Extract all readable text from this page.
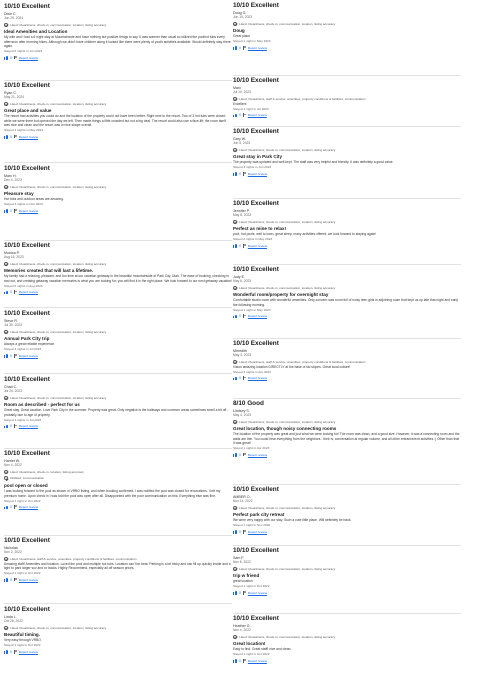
10/10 Excellent
Dixie C.
Jun 29, 2024
Liked: Cleanliness, check-in, communication, location, listing accuracy
Ideal Amenities and Location
My wife and I had a 6 night stay at Mountainside and have nothing but positive things to say. It was warmer than usual so utilized the poolhot tubs every afternoon after morning hikes. Although we didn't have children along it looked like there were plenty of youth activities available. Would definitely stay there again.
Stayed 6 nights in Jun 2024
0 Report review
10/10 Excellent
Ryan C.
May 21, 2024
Liked: Cleanliness, check-in, communication, location, listing accuracy
Great place and value
The resort had activities you could do and the location of the property could not have been better. Right next to the resort. Two of 3 hot tubs were closed while we were there but opened the day we left. Then made things a little crowded but not a big deal. The resort could also use a face-lift; the room itself was nice and clean and the resort was in nice shape overall.
Stayed 4 nights in May 2024
0 Report review
10/10 Excellent
Marc H.
Dec 4, 2023
Liked: Cleanliness, check-in, communication, location, listing accuracy
Pleasure stay
Hot tubs and outdoor areas are amazing.
Stayed 3 nights in Nov 2023
0 Report review
10/10 Excellent
Monica P.
Aug 16, 2023
Liked: Cleanliness, check-in, communication, location, listing accuracy
Memories created that will last a lifetime.
My family had a relaxing, pleasant, and fun time at our vacation getaway in the beautiful mountainside of Park City, Utah. The ease of booking, checking in and out, and creating getaway vacation memories is what you are looking for; you will find it in the right place. We look forward to our next getaway vacation!
Stayed 5 nights in Aug 2023
0 Report review
10/10 Excellent
Steve R.
Jul 30, 2023
Liked: Cleanliness, check-in, communication, location, listing accuracy
Annual Park City trip
Always a great reliable experience
Stayed 4 nights in Jul 2023
0 Report review
10/10 Excellent
Chad C.
Jul 24, 2023
Liked: Cleanliness, check-in, communication, location, listing accuracy
Room as described - perfect for us
Great stay. Great location. Love Park City in the summer. Property was great. Only negative is the hallways and common areas sometimes smell a bit off - probably due to age of property.
Stayed 4 nights in Jul 2023
0 Report review
10/10 Excellent
Harriet W.
Nov 4, 2022
Liked: Cleanliness, check-in, location, listing accuracy
Disliked: Communication
pool open or closed
I was looking forward to the pool as shown in VRBO listing, and when booking confirmed, I was notified the pool was closed for renovations. I left my premium home. Upon check in I was told the pool was open after all. Disappointed with the poor communication on this. Everything else was fine.
Stayed 1 night in Oct 2022
0 Report review
10/10 Excellent
Nicholas
Nov 2, 2022
Liked: Cleanliness, staff & service, amenities, property conditions & facilities, communication
Amazing staff! Amenities and location. Loved the pool and multiple hot tubs. Location can't be beat. Parking is a bit tricky and can fill up quickly inside and a tight to park larger suv and or trucks. Highly Recommend, especially all off season prices.
Stayed 1 night in Oct 2022
0 Report review
10/10 Excellent
Linda L.
Oct 26, 2022
Liked: Cleanliness, check-in, communication, location, listing accuracy
Beautiful timing.
Very easy through VRBO.
Stayed 1 night in Oct 2022
0 Report review
10/10 Excellent
Doug G.
Jun 10, 2023
Liked: Cleanliness, check-in, communication, location, listing accuracy
Doug
Great place
Stayed 1 night in May 2023
0 Report review
10/10 Excellent
Marc
Jul 10, 2023
Liked: Cleanliness, staff & service, amenities, property conditions & facilities, communication
Excellent
Stayed 1 night in Jul 2023
0 Report review
10/10 Excellent
Gary W.
Jun 5, 2023
Liked: Cleanliness, check-in, communication, location, listing accuracy
Great stay in Park City
The property was updated and well-kept. The staff was very helpful and friendly. It was definitely a good value.
Stayed 3 nights in Jun 2023
0 Report review
10/10 Excellent
Jennifer P.
May 8, 2023
Liked: Cleanliness, check-in, communication, location, listing accuracy
Perfect as mine to relax!
pool, hot pools, well to town, great sleep, many activities offered; we look forward to staying again!
Stayed 2 nights in May 2023
0 Report review
10/10 Excellent
Judy E.
May 6, 2023
Liked: Cleanliness, check-in, communication, location, listing accuracy
Wonderful room/property for overnight stay
Comfortable studio room with wonderful amenities. Only concern was room full of noisy teen girls in adjoining room that kept us up late that night and early the following morning.
Stayed 1 night in May 2023
0 Report review
10/10 Excellent
Meredith
May 3, 2023
Liked: Cleanliness, staff & service, amenities, property conditions & facilities, communication
Vision amazing location DIRECTLY at the base of ski slopes. Great local culture!
Stayed 3 nights in Apr 2023
0 Report review
8/10 Good
Lindsey S.
May 4, 2023
Liked: Cleanliness, check-in, communication, location, listing accuracy
Great location, though noisy connecting rooms
The location of the property was great and just what we were looking for! The room was clean, and a good size. However, it was a connecting room and the walls are thin. You could hear everything from the neighbors - their tv, conversation at regular volume, and all other entrance/exit activities :( Other than that it was great!
Stayed 1 night in Apr 2023
0 Report review
10/10 Excellent
AMBER O.
Nov 14, 2022
Liked: Cleanliness, check-in, communication, location, listing accuracy
Perfect park city retreat
We were very happy with our stay. Such a cute little place. Will definitely be back.
Stayed 1 night in Nov 2022
0 Report review
10/10 Excellent
Sam F.
Nov 8, 2022
Liked: Cleanliness, check-in, communication, location, listing accuracy
trip w friend
great location
Stayed 1 night in Oct 2022
0 Report review
10/10 Excellent
Heather G.
Nov 4, 2022
Liked: Cleanliness, check-in, communication, location, listing accuracy
Great location!
Easy to find. Great staff! nice and clean.
Stayed 1 night in Oct 2022
0 Report review
